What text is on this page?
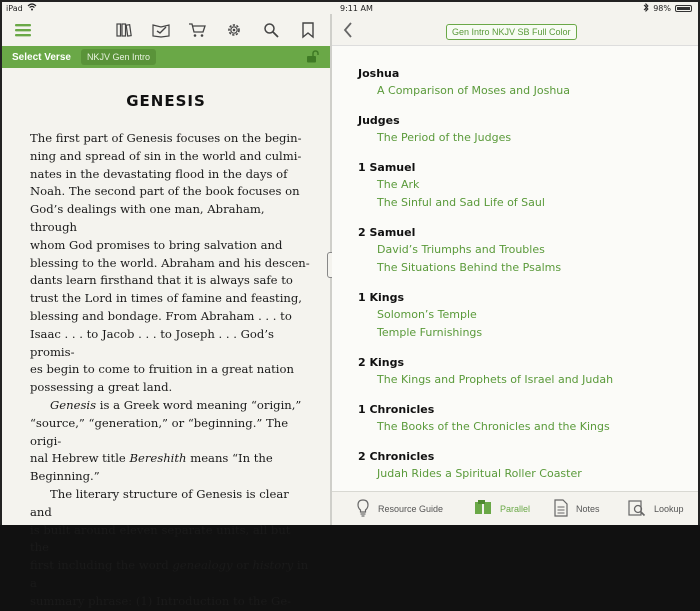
iPad	9:11 AM	98%
Select Verse	NKJV Gen Intro
GENESIS
The first part of Genesis focuses on the begin-
ning and spread of sin in the world and culmi-
nates in the devastating flood in the days of
Noah. The second part of the book focuses on
God’s dealings with one man, Abraham, through
whom God promises to bring salvation and
blessing to the world. Abraham and his descen-
dants learn firsthand that it is always safe to
trust the Lord in times of famine and feasting,
blessing and bondage. From Abraham . . . to
Isaac . . . to Jacob . . . to Joseph . . . God’s promis-
es begin to come to fruition in a great nation
possessing a great land.
Genesis is a Greek word meaning “origin,”
“source,” “generation,” or “beginning.” The origi-
nal Hebrew title Bereshith means “In the
Beginning.”
The literary structure of Genesis is clear and
is built around eleven separate units, all but the
first including the word genealogy or history in a
summary phrase: (1) Introduction to the Ge-
Gen Intro NKJV SB Full Color
Joshua
A Comparison of Moses and Joshua
Judges
The Period of the Judges
1 Samuel
The Ark
The Sinful and Sad Life of Saul
2 Samuel
David’s Triumphs and Troubles
The Situations Behind the Psalms
1 Kings
Solomon’s Temple
Temple Furnishings
2 Kings
The Kings and Prophets of Israel and Judah
1 Chronicles
The Books of the Chronicles and the Kings
2 Chronicles
Judah Rides a Spiritual Roller Coaster
Resource Guide	Parallel	Notes	Lookup
